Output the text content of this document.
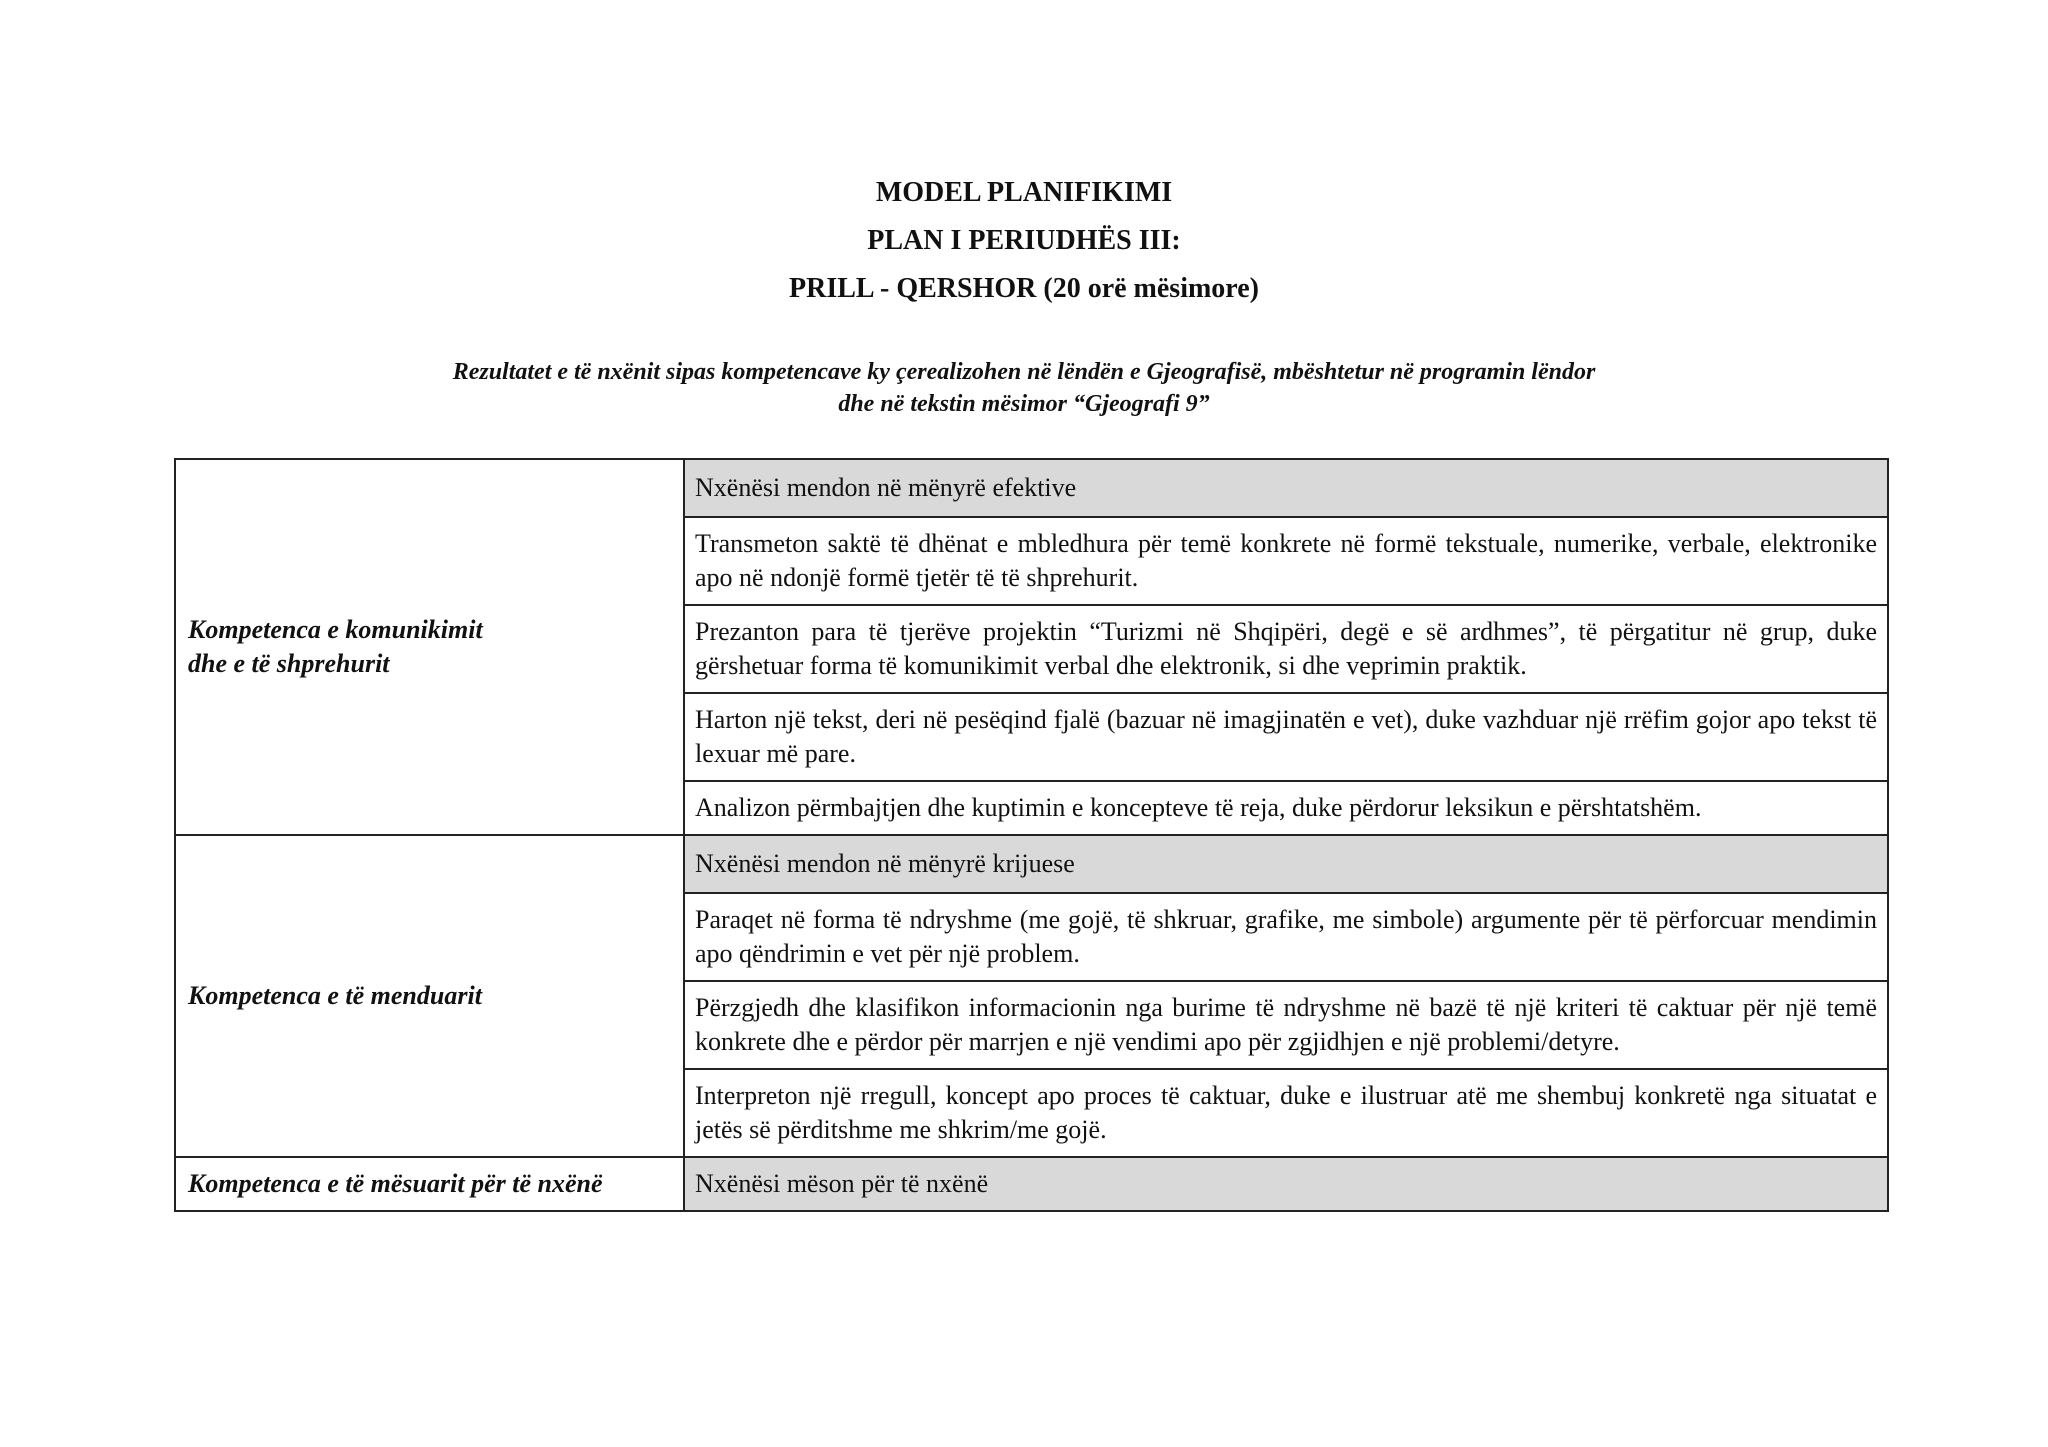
MODEL PLANIFIKIMI
PLAN I PERIUDHËS III:
PRILL - QERSHOR (20 orë mësimore)
Rezultatet e të nxënit sipas kompetencave ky çerealizohen në lëndën e Gjeografisë, mbështetur në programin lëndor
dhe në tekstin mësimor “Gjeografi 9”
Kompetenca e komunikimit
dhe e të shprehurit	Nxënësi mendon në mënyrë efektive
	Transmeton saktë të dhënat e mbledhura për temë konkrete në formë tekstuale, numerike, verbale, elektronike apo në ndonjë formë tjetër të të shprehurit.
	Prezanton para të tjerëve projektin “Turizmi në Shqipëri, degë e së ardhmes”, të përgatitur në grup, duke gërshetuar forma të komunikimit verbal dhe elektronik, si dhe veprimin praktik.
	Harton një tekst, deri në pesëqind fjalë (bazuar në imagjinatën e vet), duke vazhduar një rrëfim gojor apo tekst të lexuar më pare.
	Analizon përmbajtjen dhe kuptimin e koncepteve të reja, duke përdorur leksikun e përshtatshëm.
Kompetenca e të menduarit	Nxënësi mendon në mënyrë krijuese
	Paraqet në forma të ndryshme (me gojë, të shkruar, grafike, me simbole) argumente për të përforcuar mendimin apo qëndrimin e vet për një problem.
	Përzgjedh dhe klasifikon informacionin nga burime të ndryshme në bazë të një kriteri të caktuar për një temë konkrete dhe e përdor për marrjen e një vendimi apo për zgjidhjen e një problemi/detyre.
	Interpreton një rregull, koncept apo proces të caktuar, duke e ilustruar atë me shembuj konkretë nga situatat e jetës së përditshme me shkrim/me gojë.
Kompetenca e të mësuarit për të nxënë	Nxënësi mëson për të nxënë
